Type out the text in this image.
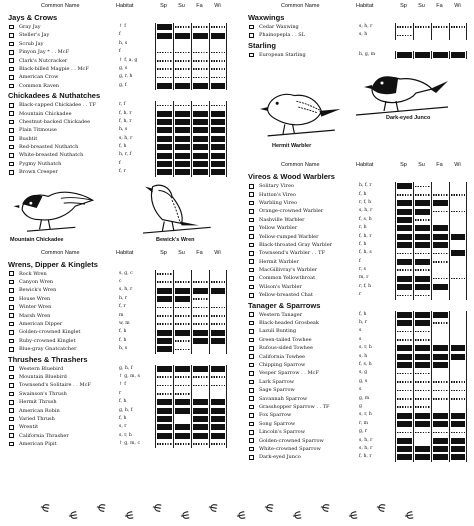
Common Name	Habitat	Sp	Su	Fa	Wi
Jays & Crows
Gray Jay	↑ f
Steller's Jay	f
Scrub Jay	h, s
Pinyon Jay * . . McF	f
Clark's Nutcracker	↑ f, a, g
Black-billed Magpie . . McF	g, s
American Crow	g, r, h
Common Raven	g, f
Chickadees & Nuthatches
Black-capped Chickadee . . TF	r, f
Mountain Chickadee	f, h, r
Chestnut-backed Chickadee	f, h, r
Plain Titmouse	h, s
Bushtit	s, h, r
Red-breasted Nuthatch	f, h
White-breasted Nuthatch	h, r, f
Pygmy Nuthatch	f
Brown Creeper	f, r
Mountain Chickadee	Bewick's Wren
Common Name	Habitat	Sp	Su	Fa	Wi
Wrens, Dipper & Kinglets
Rock Wren	s, g, c
Canyon Wren	c
Bewick's Wren	s, h, r
House Wren	h, r
Winter Wren	f, r
Marsh Wren	m
American Dipper	w, m
Golden-crowned Kinglet	f, h
Ruby-crowned Kinglet	f, h
Blue-gray Gnatcatcher	h, s
Thrushes & Thrashers
Western Bluebird	g, h, f
Mountain Bluebird	↑ g, m, s
Townsend's Solitaire . . McF	↑ f
Swainson's Thrush	r
Hermit Thrush	f, h
American Robin	g, h, f
Varied Thrush	f, h
Wrentit	s, r
California Thrasher	s, r, h
American Pipit	↑ g, m, c
Common Name	Habitat	Sp	Su	Fa	Wi
Waxwings
Cedar Waxwing	s, h, r
Phainopepla . . SL	s, h
Starling
European Starling	h, g, m
Hermit Warbler
Dark-eyed Junco
Common Name	Habitat	Sp	Su	Fa	Wi
Vireos & Wood Warblers
Solitary Vireo	h, f, r
Hutton's Vireo	f, h
Warbling Vireo	r, f, h
Orange-crowned Warbler	s, h, r
Nashville Warbler	f, s, h
Yellow Warbler	r, h
Yellow-rumped Warbler	f, h, r
Black-throated Gray Warbler	f, h
Townsend's Warbler . . TF	f, h, s
Hermit Warbler	f
MacGillivray's Warbler	r, s
Common Yellowthroat	m, r
Wilson's Warbler	r, f, h
Yellow-breasted Chat	r
Tanager & Sparrows
Western Tanager	f, h
Black-headed Grosbeak	h, r
Lazuli Bunting	s
Green-tailed Towhee	s
Rufous-sided Towhee	s, r, h
California Towhee	s, h
Chipping Sparrow	f, s, h
Vesper Sparrow . . McF	s, g
Lark Sparrow	g, s
Sage Sparrow	s
Savannah Sparrow	g, m
Grasshopper Sparrow . . TF	g
Fox Sparrow	s, r, h
Song Sparrow	r, m
Lincoln's Sparrow	g, r
Golden-crowned Sparrow	s, h, r
White-crowned Sparrow	s, h, r
Dark-eyed Junco	f, h, r
Ψ
Ψ
Ψ
Ψ
Ψ
Ψ
Ψ
Ψ
Ψ
Ψ
Ψ
Ψ
Ψ
Ψ
